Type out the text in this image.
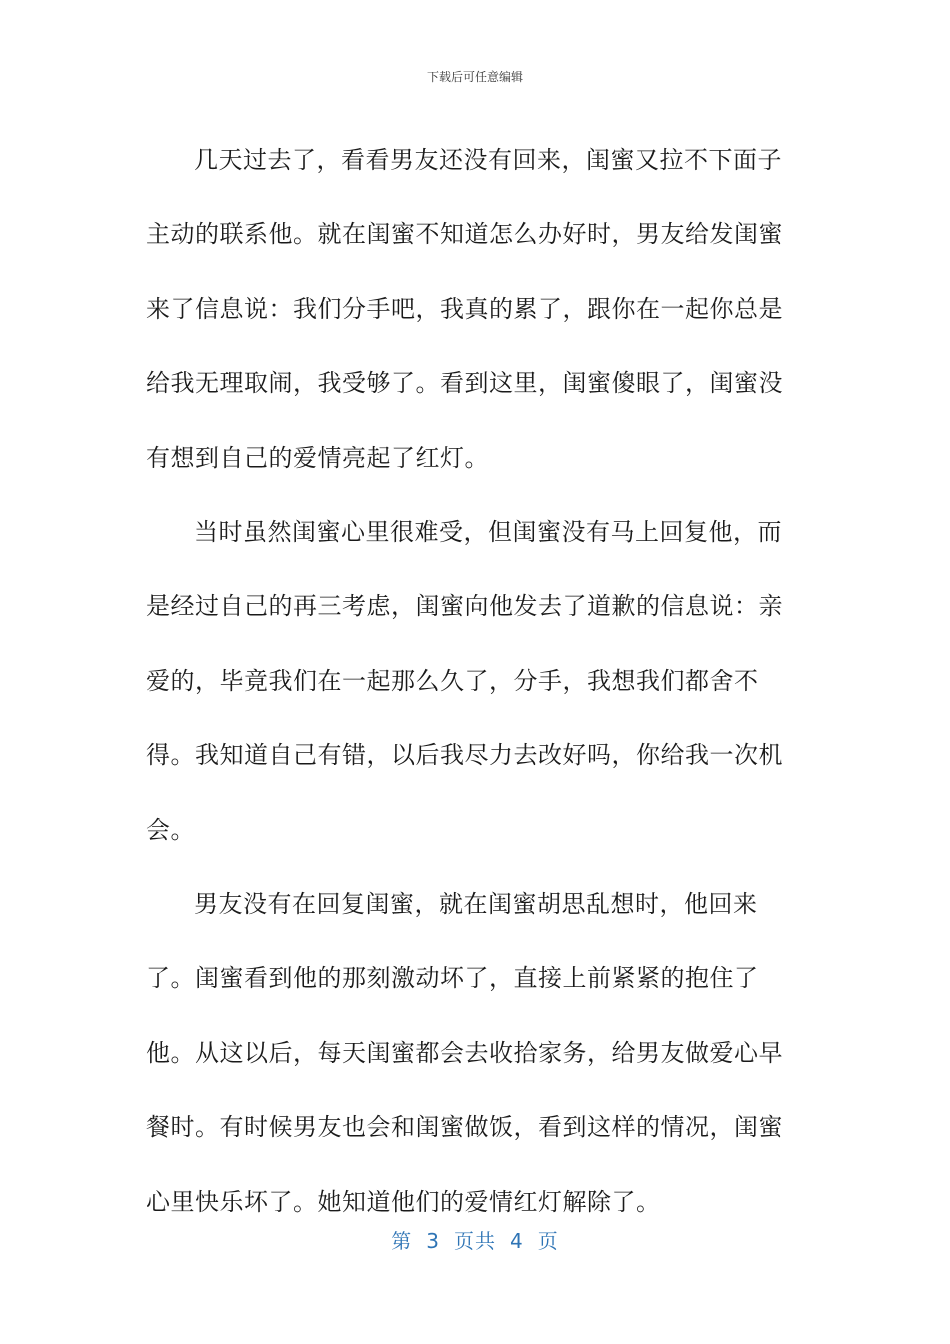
下载后可任意编辑

几天过去了，看看男友还没有回来，闺蜜又拉不下面子主动的联系他。就在闺蜜不知道怎么办好时，男友给发闺蜜来了信息说：我们分手吧，我真的累了，跟你在一起你总是给我无理取闹，我受够了。看到这里，闺蜜傻眼了，闺蜜没有想到自己的爱情亮起了红灯。

当时虽然闺蜜心里很难受，但闺蜜没有马上回复他，而是经过自己的再三考虑，闺蜜向他发去了道歉的信息说：亲爱的，毕竟我们在一起那么久了，分手，我想我们都舍不得。我知道自己有错，以后我尽力去改好吗，你给我一次机会。

男友没有在回复闺蜜，就在闺蜜胡思乱想时，他回来了。闺蜜看到他的那刻激动坏了，直接上前紧紧的抱住了他。从这以后，每天闺蜜都会去收拾家务，给男友做爱心早餐时。有时候男友也会和闺蜜做饭，看到这样的情况，闺蜜心里快乐坏了。她知道他们的爱情红灯解除了。

第 3 页共 4 页
